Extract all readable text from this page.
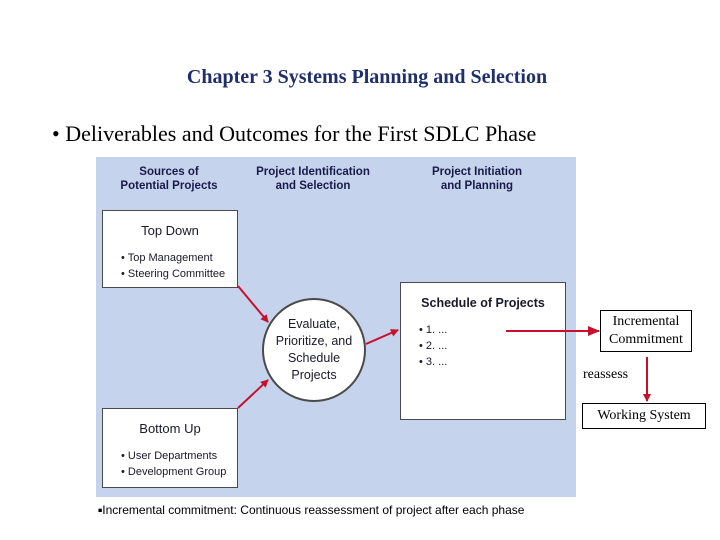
Chapter 3 Systems Planning and Selection
• Deliverables and Outcomes for the First SDLC Phase
Sources of
Potential Projects
Project Identification
and Selection
Project Initiation
and Planning
Top Down
• Top Management
• Steering Committee
Bottom Up
• User Departments
• Development Group
Evaluate,
Prioritize, and
Schedule
Projects
Schedule of Projects
• 1. ...
• 2. ...
• 3. ...
Incremental
Commitment
reassess
Working System
■Incremental commitment: Continuous reassessment of project after each phase
